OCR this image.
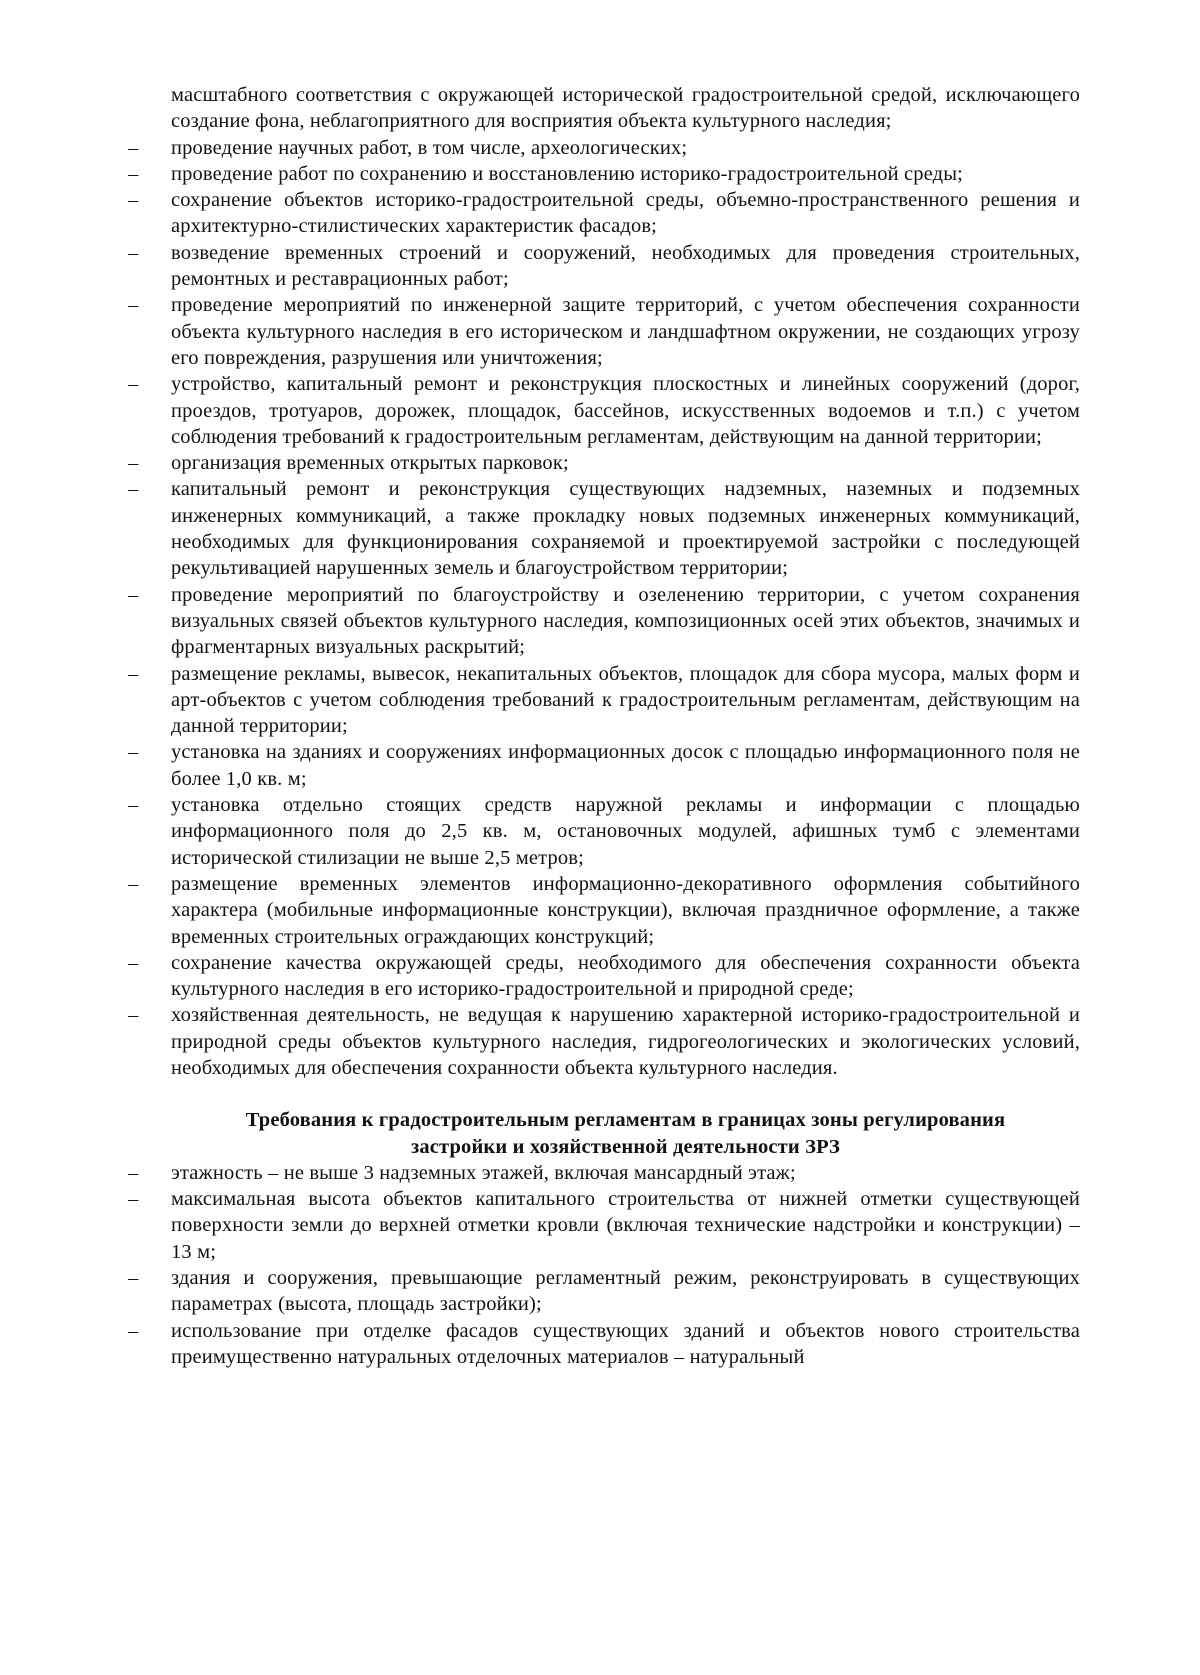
масштабного соответствия с окружающей исторической градостроительной средой, исключающего создание фона, неблагоприятного для восприятия объекта культурного наследия;

–	проведение научных работ, в том числе, археологических;
–	проведение работ по сохранению и восстановлению историко-градостроительной среды;
–	сохранение объектов историко-градостроительной среды, объемно-пространственного решения и архитектурно-стилистических характеристик фасадов;
–	возведение временных строений и сооружений, необходимых для проведения строительных, ремонтных и реставрационных работ;
–	проведение мероприятий по инженерной защите территорий, с учетом обеспечения сохранности объекта культурного наследия в его историческом и ландшафтном окружении, не создающих угрозу его повреждения, разрушения или уничтожения;
–	устройство, капитальный ремонт и реконструкция плоскостных и линейных сооружений (дорог, проездов, тротуаров, дорожек, площадок, бассейнов, искусственных водоемов и т.п.) с учетом соблюдения требований к градостроительным регламентам, действующим на данной территории;
–	организация временных открытых парковок;
–	капитальный ремонт и реконструкция существующих надземных, наземных и подземных инженерных коммуникаций, а также прокладку новых подземных инженерных коммуникаций, необходимых для функционирования сохраняемой и проектируемой застройки с последующей рекультивацией нарушенных земель и благоустройством территории;
–	проведение мероприятий по благоустройству и озеленению территории, с учетом сохранения визуальных связей объектов культурного наследия, композиционных осей этих объектов, значимых и фрагментарных визуальных раскрытий;
–	размещение рекламы, вывесок, некапитальных объектов, площадок для сбора мусора, малых форм и арт-объектов с учетом соблюдения требований к градостроительным регламентам, действующим на данной территории;
–	установка на зданиях и сооружениях информационных досок с площадью информационного поля не более 1,0 кв. м;
–	установка отдельно стоящих средств наружной рекламы и информации с площадью информационного поля до 2,5 кв. м, остановочных модулей, афишных тумб с элементами исторической стилизации не выше 2,5 метров;
–	размещение временных элементов информационно-декоративного оформления событийного характера (мобильные информационные конструкции), включая праздничное оформление, а также временных строительных ограждающих конструкций;
–	сохранение качества окружающей среды, необходимого для обеспечения сохранности объекта культурного наследия в его историко-градостроительной и природной среде;
–	хозяйственная деятельность, не ведущая к нарушению характерной историко-градостроительной и природной среды объектов культурного наследия, гидрогеологических и экологических условий, необходимых для обеспечения сохранности объекта культурного наследия.
Требования к градостроительным регламентам в границах зоны регулирования
застройки и хозяйственной деятельности ЗРЗ
–	этажность – не выше 3 надземных этажей, включая мансардный этаж;
–	максимальная высота объектов капитального строительства от нижней отметки существующей поверхности земли до верхней отметки кровли (включая технические надстройки и конструкции) – 13 м;
–	здания и сооружения, превышающие регламентный режим, реконструировать в существующих параметрах (высота, площадь застройки);
–	использование при отделке фасадов существующих зданий и объектов нового строительства преимущественно натуральных отделочных материалов – натуральный
